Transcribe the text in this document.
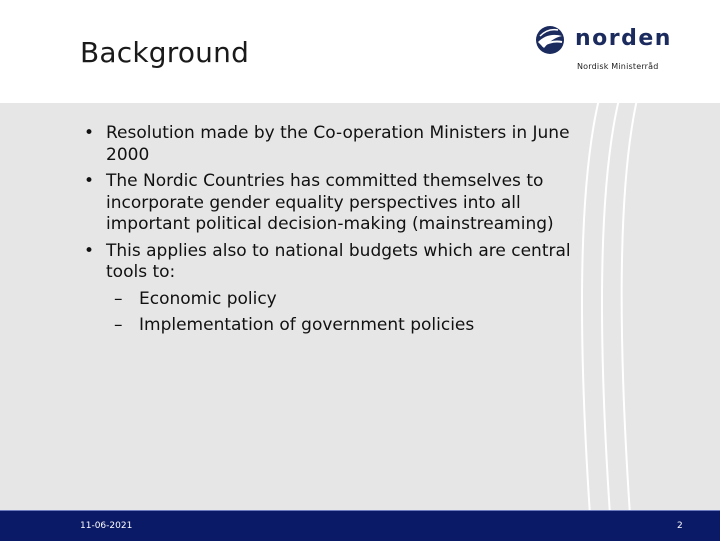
Background	norden
Nordisk Ministerråd
• Resolution made by the Co-operation Ministers in June 2000
• The Nordic Countries has committed themselves to incorporate gender equality perspectives into all important political decision-making (mainstreaming)
• This applies also to national budgets which are central tools to:
– Economic policy
– Implementation of government policies
11-06-2021	2
